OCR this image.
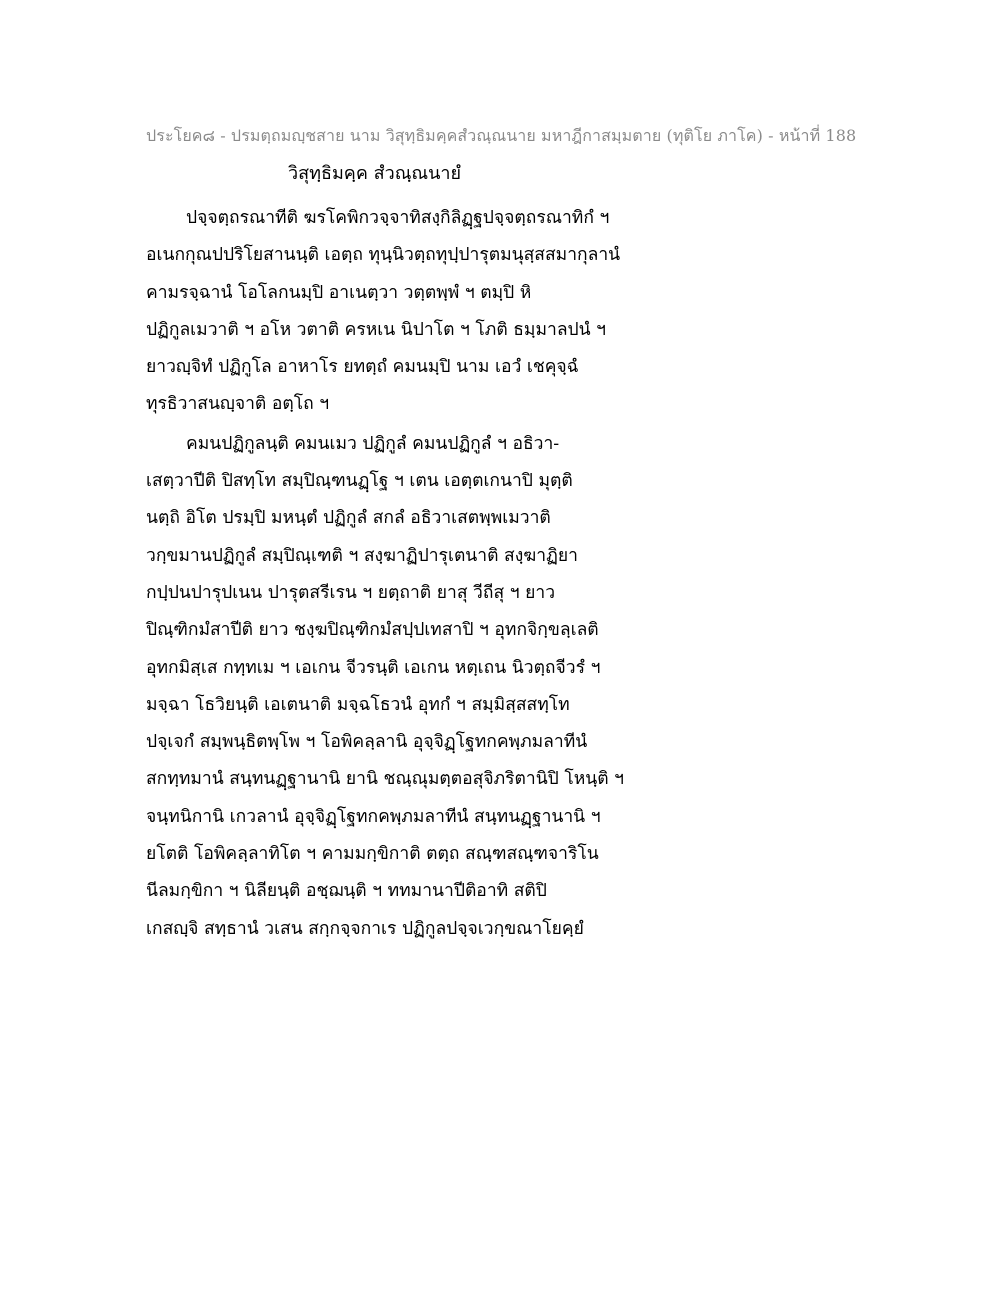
ประโยค๘ - ปรมตฺถมญฺชสาย นาม วิสุทฺธิมคฺคสํวณฺณนาย มหาฎีกาสมฺมตาย (ทุติโย ภาโค) - หน้าที่ 188
วิสุทฺธิมคฺค สํวณฺณนายํ
ปจฺจตฺถรณาทีติ ฆรโคพิกวจฺจาทิสงฺกิลิฏฺฐปจฺจตฺถรณาทิกํ ฯ
อเนกกุณปปริโยสานนฺติ เอตฺถ ทุนฺนิวตฺถทุปฺปารุตมนุสฺสสมากุลานํ
คามรจฺฉานํ โอโลกนมฺปิ อาเนตฺวา วตฺตพฺพํ ฯ ตมฺปิ หิ
ปฏิกูลเมวาติ ฯ อโห วตาติ ครหเน นิปาโต ฯ โภติ ธมฺมาลปนํ ฯ
ยาวญฺจิทํ ปฏิกูโล อาหาโร ยทตฺถํ คมนมฺปิ นาม เอวํ เชคุจฺฉํ
ทุรธิวาสนญฺจาติ อตฺโถ ฯ
คมนปฏิกูลนฺติ คมนเมว ปฏิกูลํ คมนปฏิกูลํ ฯ อธิวา-
เสตฺวาปีติ ปิสทฺโท สมฺปิณฺฑนฏฺโฐ ฯ เตน เอตฺตเกนาปิ มุตฺติ
นตฺถิ อิโต ปรมฺปิ มหนฺตํ ปฏิกูลํ สกลํ อธิวาเสตพฺพเมวาติ
วกฺขมานปฏิกูลํ สมฺปิณฺเฑติ ฯ สงฺฆาฏิปารุเตนาติ สงฺฆาฏิยา
กปฺปนปารุปเนน ปารุตสรีเรน ฯ ยตฺถาติ ยาสุ วีถีสุ ฯ ยาว
ปิณฺฑิกมํสาปีติ ยาว ชงฺฆปิณฺฑิกมํสปฺปเทสาปิ ฯ อุทกจิกฺขลฺเลติ
อุทกมิสฺเส กทฺทเม ฯ เอเกน จีวรนฺติ เอเกน หตฺเถน นิวตฺถจีวรํ ฯ
มจฺฉา โธวิยนฺติ เอเตนาติ มจฺฉโธวนํ อุทกํ ฯ สมฺมิสฺสสทฺโท
ปจฺเจกํ สมฺพนฺธิตพฺโพ ฯ โอพิคลฺลานิ อุจฺจิฏฺโฐทกคพฺภมลาทีนํ
สกทฺทมานํ สนฺทนฏฺฐานานิ ยานิ ชณฺณุมตฺตอสุจิภริตานิปิ โหนฺติ ฯ
จนฺทนิกานิ เกวลานํ อุจฺจิฏฺโฐทกคพฺภมลาทีนํ สนฺทนฏฺฐานานิ ฯ
ยโตติ โอพิคลฺลาทิโต ฯ คามมกฺขิกาติ ตตฺถ สณฺฑสณฺฑจาริโน
นีลมกฺขิกา ฯ นิลียนฺติ อชฺฌนฺติ ฯ ททมานาปีติอาทิ สติปิ
เกสญฺจิ สทฺธานํ วเสน สกฺกจฺจกาเร ปฏิกูลปจฺจเวกฺขณาโยคฺยํ
